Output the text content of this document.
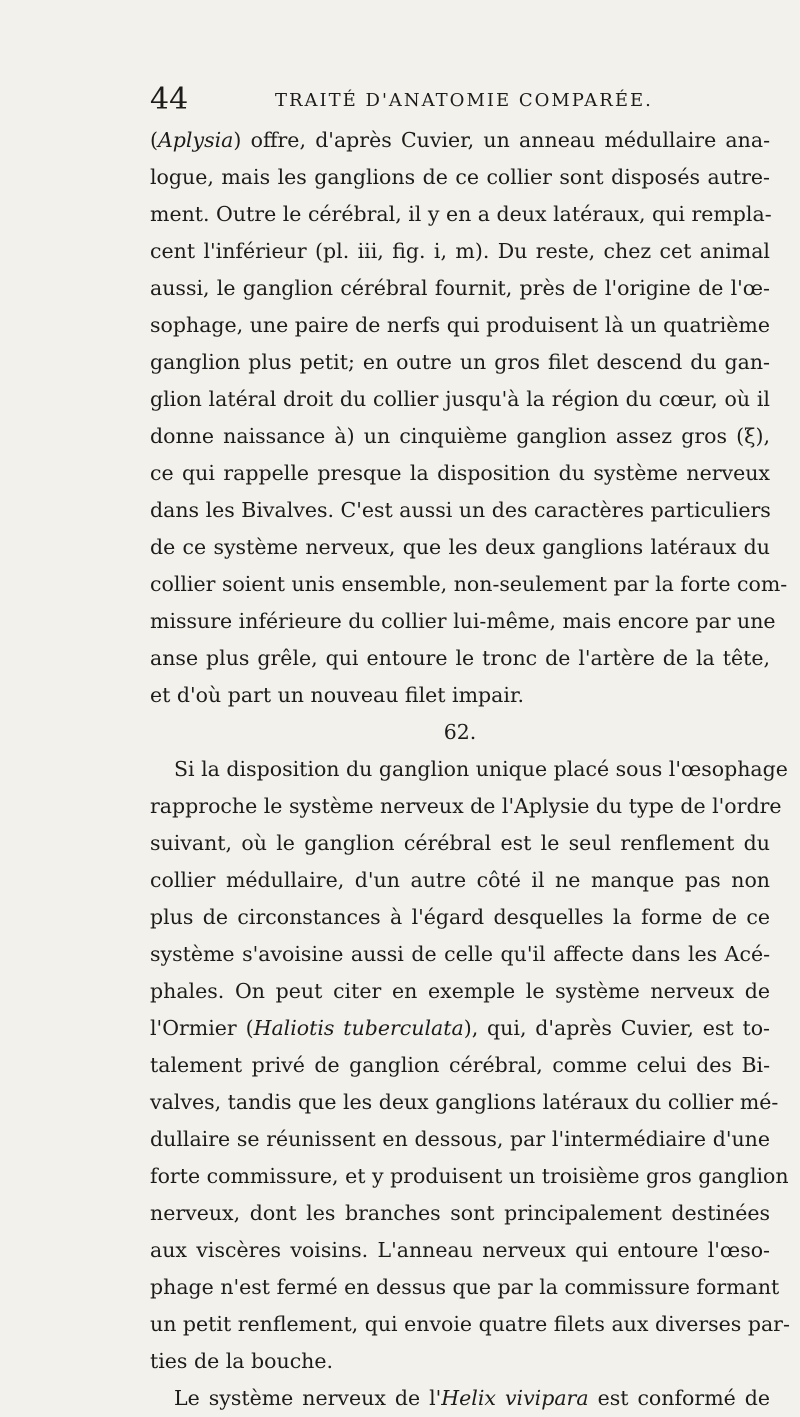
44	TRAITÉ D'ANATOMIE COMPARÉE.
(Aplysia) offre, d'après Cuvier, un anneau médullaire ana-
logue, mais les ganglions de ce collier sont disposés autre-
ment. Outre le cérébral, il y en a deux latéraux, qui rempla-
cent l'inférieur (pl. iii, fig. i, m). Du reste, chez cet animal
aussi, le ganglion cérébral fournit, près de l'origine de l'œ-
sophage, une paire de nerfs qui produisent là un quatrième
ganglion plus petit; en outre un gros filet descend du gan-
glion latéral droit du collier jusqu'à la région du cœur, où il
donne naissance à) un cinquième ganglion assez gros (ξ),
ce qui rappelle presque la disposition du système nerveux
dans les Bivalves. C'est aussi un des caractères particuliers
de ce système nerveux, que les deux ganglions latéraux du
collier soient unis ensemble, non-seulement par la forte com-
missure inférieure du collier lui-même, mais encore par une
anse plus grêle, qui entoure le tronc de l'artère de la tête,
et d'où part un nouveau filet impair.
62.
Si la disposition du ganglion unique placé sous l'œsophage
rapproche le système nerveux de l'Aplysie du type de l'ordre
suivant, où le ganglion cérébral est le seul renflement du
collier médullaire, d'un autre côté il ne manque pas non
plus de circonstances à l'égard desquelles la forme de ce
système s'avoisine aussi de celle qu'il affecte dans les Acé-
phales. On peut citer en exemple le système nerveux de
l'Ormier (Haliotis tuberculata), qui, d'après Cuvier, est to-
talement privé de ganglion cérébral, comme celui des Bi-
valves, tandis que les deux ganglions latéraux du collier mé-
dullaire se réunissent en dessous, par l'intermédiaire d'une
forte commissure, et y produisent un troisième gros ganglion
nerveux, dont les branches sont principalement destinées
aux viscères voisins. L'anneau nerveux qui entoure l'œso-
phage n'est fermé en dessus que par la commissure formant
un petit renflement, qui envoie quatre filets aux diverses par-
ties de la bouche.
Le système nerveux de l'Helix vivipara est conformé de
